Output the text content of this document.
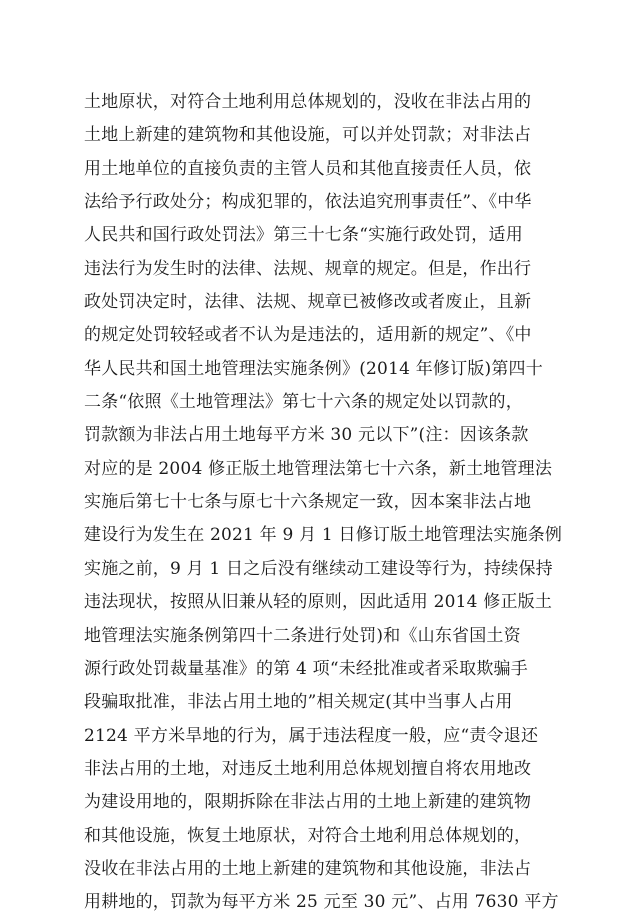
土地原状，对符合土地利用总体规划的，没收在非法占用的
土地上新建的建筑物和其他设施，可以并处罚款；对非法占
用土地单位的直接负责的主管人员和其他直接责任人员，依
法给予行政处分；构成犯罪的，依法追究刑事责任”、《中华
人民共和国行政处罚法》第三十七条“实施行政处罚，适用
违法行为发生时的法律、法规、规章的规定。但是，作出行
政处罚决定时，法律、法规、规章已被修改或者废止，且新
的规定处罚较轻或者不认为是违法的，适用新的规定”、《中
华人民共和国土地管理法实施条例》(2014 年修订版)第四十
二条“依照《土地管理法》第七十六条的规定处以罚款的，
罚款额为非法占用土地每平方米 30 元以下”(注：因该条款
对应的是 2004 修正版土地管理法第七十六条，新土地管理法
实施后第七十七条与原七十六条规定一致，因本案非法占地
建设行为发生在 2021 年 9 月 1 日修订版土地管理法实施条例
实施之前，9 月 1 日之后没有继续动工建设等行为，持续保持
违法现状，按照从旧兼从轻的原则，因此适用 2014 修正版土
地管理法实施条例第四十二条进行处罚)和《山东省国土资
源行政处罚裁量基准》的第 4 项“未经批准或者采取欺骗手
段骗取批准，非法占用土地的”相关规定(其中当事人占用
2124 平方米旱地的行为，属于违法程度一般，应“责令退还
非法占用的土地，对违反土地利用总体规划擅自将农用地改
为建设用地的，限期拆除在非法占用的土地上新建的建筑物
和其他设施，恢复土地原状，对符合土地利用总体规划的，
没收在非法占用的土地上新建的建筑物和其他设施，非法占
用耕地的，罚款为每平方米 25 元至 30 元”、占用 7630 平方
